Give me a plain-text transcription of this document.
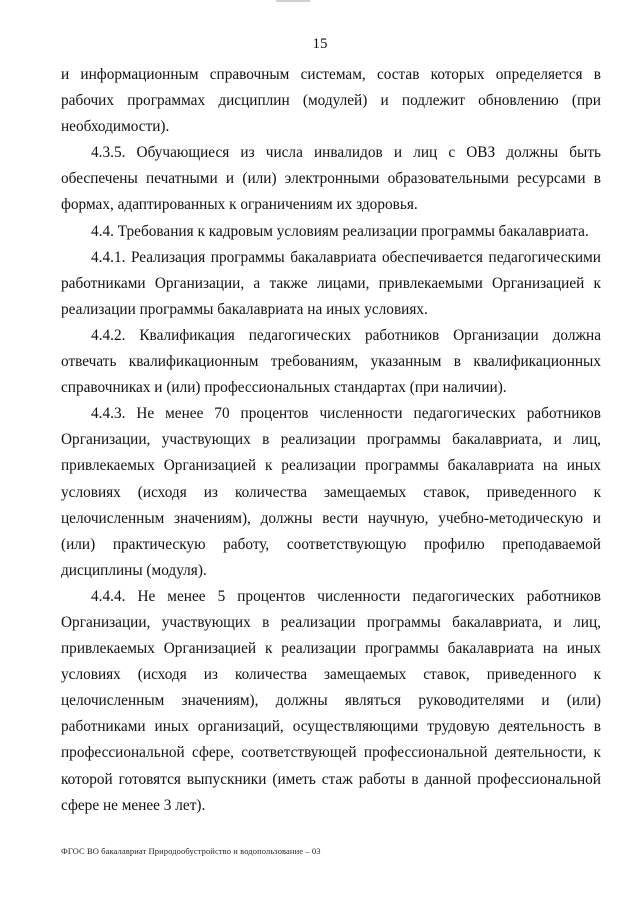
15

и информационным справочным системам, состав которых определяется в рабочих программах дисциплин (модулей) и подлежит обновлению (при необходимости).

4.3.5. Обучающиеся из числа инвалидов и лиц с ОВЗ должны быть обеспечены печатными и (или) электронными образовательными ресурсами в формах, адаптированных к ограничениям их здоровья.

4.4. Требования к кадровым условиям реализации программы бакалавриата.

4.4.1. Реализация программы бакалавриата обеспечивается педагогическими работниками Организации, а также лицами, привлекаемыми Организацией к реализации программы бакалавриата на иных условиях.

4.4.2. Квалификация педагогических работников Организации должна отвечать квалификационным требованиям, указанным в квалификационных справочниках и (или) профессиональных стандартах (при наличии).

4.4.3. Не менее 70 процентов численности педагогических работников Организации, участвующих в реализации программы бакалавриата, и лиц, привлекаемых Организацией к реализации программы бакалавриата на иных условиях (исходя из количества замещаемых ставок, приведенного к целочисленным значениям), должны вести научную, учебно-методическую и (или) практическую работу, соответствующую профилю преподаваемой дисциплины (модуля).

4.4.4. Не менее 5 процентов численности педагогических работников Организации, участвующих в реализации программы бакалавриата, и лиц, привлекаемых Организацией к реализации программы бакалавриата на иных условиях (исходя из количества замещаемых ставок, приведенного к целочисленным значениям), должны являться руководителями и (или) работниками иных организаций, осуществляющими трудовую деятельность в профессиональной сфере, соответствующей профессиональной деятельности, к которой готовятся выпускники (иметь стаж работы в данной профессиональной сфере не менее 3 лет).

ФГОС ВО бакалавриат Природообустройство и водопользование – 03
